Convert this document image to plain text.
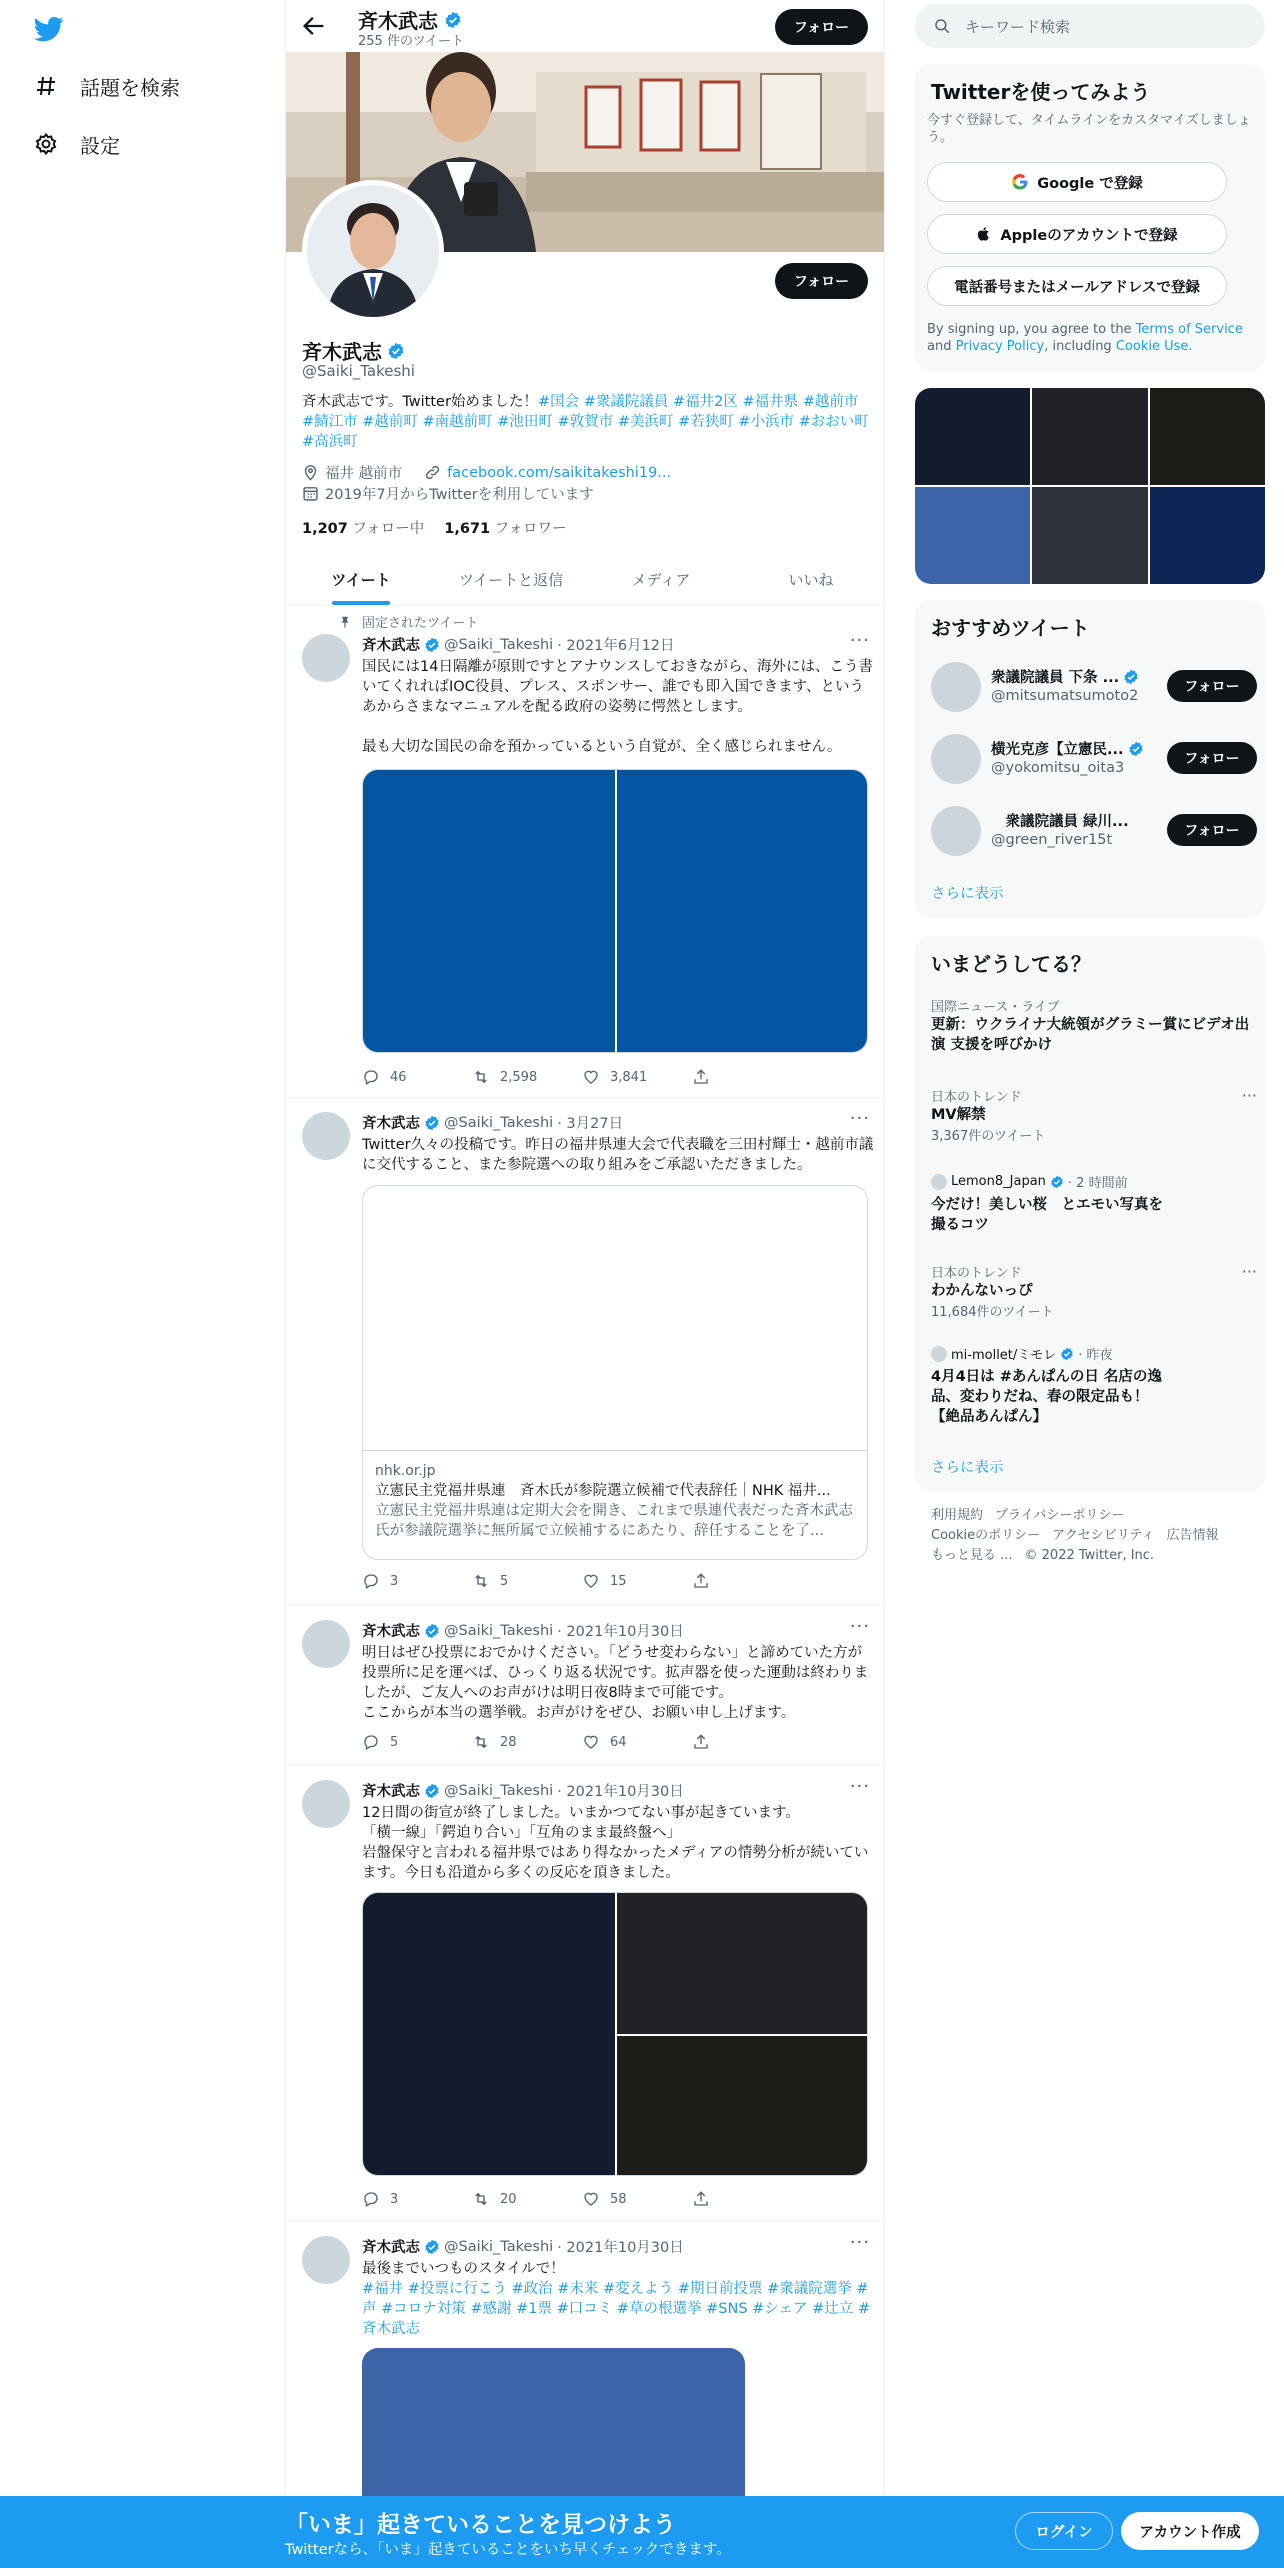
話題を検索
設定
斉木武志
255 件のツイート
フォロー
フォロー
斉木武志
@Saiki_Takeshi
斉木武志です。Twitter始めました！#国会 #衆議院議員 #福井2区 #福井県 #越前市 #鯖江市 #越前町 #南越前町 #池田町 #敦賀市 #美浜町 #若狭町 #小浜市 #おおい町 #高浜町
福井 越前市	facebook.com/saikitakeshi19...
2019年7月からTwitterを利用しています
1,207 フォロー中 1,671 フォロワー
ツイート	ツイートと返信	メディア	いいね
固定されたツイート
斉木武志 @Saiki_Takeshi · 2021年6月12日	···
国民には14日隔離が原則ですとアナウンスしておきながら、海外には、こう書いてくれればIOC役員、プレス、スポンサー、誰でも即入国できます、というあからさまなマニュアルを配る政府の姿勢に愕然とします。

最も大切な国民の命を預かっているという自覚が、全く感じられません。
46	2,598	3,841
斉木武志 @Saiki_Takeshi · 3月27日	···
Twitter久々の投稿です。昨日の福井県連大会で代表職を三田村輝士・越前市議に交代すること、また参院選への取り組みをご承認いただきました。
nhk.or.jp
立憲民主党福井県連　斉木氏が参院選立候補で代表辞任｜NHK 福井...
立憲民主党福井県連は定期大会を開き、これまで県連代表だった斉木武志氏が参議院選挙に無所属で立候補するにあたり、辞任することを了...
3	5	15
斉木武志 @Saiki_Takeshi · 2021年10月30日	···
明日はぜひ投票におでかけください。「どうせ変わらない」と諦めていた方が投票所に足を運べば、ひっくり返る状況です。拡声器を使った運動は終わりましたが、ご友人へのお声がけは明日夜8時まで可能です。
ここからが本当の選挙戦。お声がけをぜひ、お願い申し上げます。
5	28	64
斉木武志 @Saiki_Takeshi · 2021年10月30日	···
12日間の街宣が終了しました。いまかつてない事が起きています。
「横一線」「鍔迫り合い」「互角のまま最終盤へ」
岩盤保守と言われる福井県ではあり得なかったメディアの情勢分析が続いています。今日も沿道から多くの反応を頂きました。
3	20	58
斉木武志 @Saiki_Takeshi · 2021年10月30日	···
最後までいつものスタイルで！
#福井 #投票に行こう #政治 #未来 #変えよう #期日前投票 #衆議院選挙 #声 #コロナ対策 #感謝 #1票 #口コミ #草の根選挙 #SNS #シェア #辻立 #斉木武志
キーワード検索
Twitterを使ってみよう
今すぐ登録して、タイムラインをカスタマイズしましょう。
Google で登録
Appleのアカウントで登録
電話番号またはメールアドレスで登録
By signing up, you agree to the Terms of Service and Privacy Policy, including Cookie Use.
おすすめツイート
衆議院議員 下条 ...
@mitsumatsumoto2
フォロー
横光克彦【立憲民...
@yokomitsu_oita3
フォロー
　衆議院議員 緑川...
@green_river15t
フォロー
さらに表示
いまどうしてる？
国際ニュース・ライブ
更新：ウクライナ大統領がグラミー賞にビデオ出演 支援を呼びかけ
日本のトレンド
MV解禁
3,367件のツイート
···
Lemon8_Japan · 2 時間前
今だけ！美しい桜　とエモい写真を撮るコツ
日本のトレンド
わかんないっぴ
11,684件のツイート
···
mi-mollet/ミモレ · 昨夜
4月4日は #あんぱんの日 名店の逸品、変わりだね、春の限定品も！【絶品あんぱん】
さらに表示
利用規約 プライバシーポリシー
Cookieのポリシー アクセシビリティ 広告情報
もっと見る ... © 2022 Twitter, Inc.
「いま」起きていることを見つけよう
Twitterなら、「いま」起きていることをいち早くチェックできます。
ログイン	アカウント作成
